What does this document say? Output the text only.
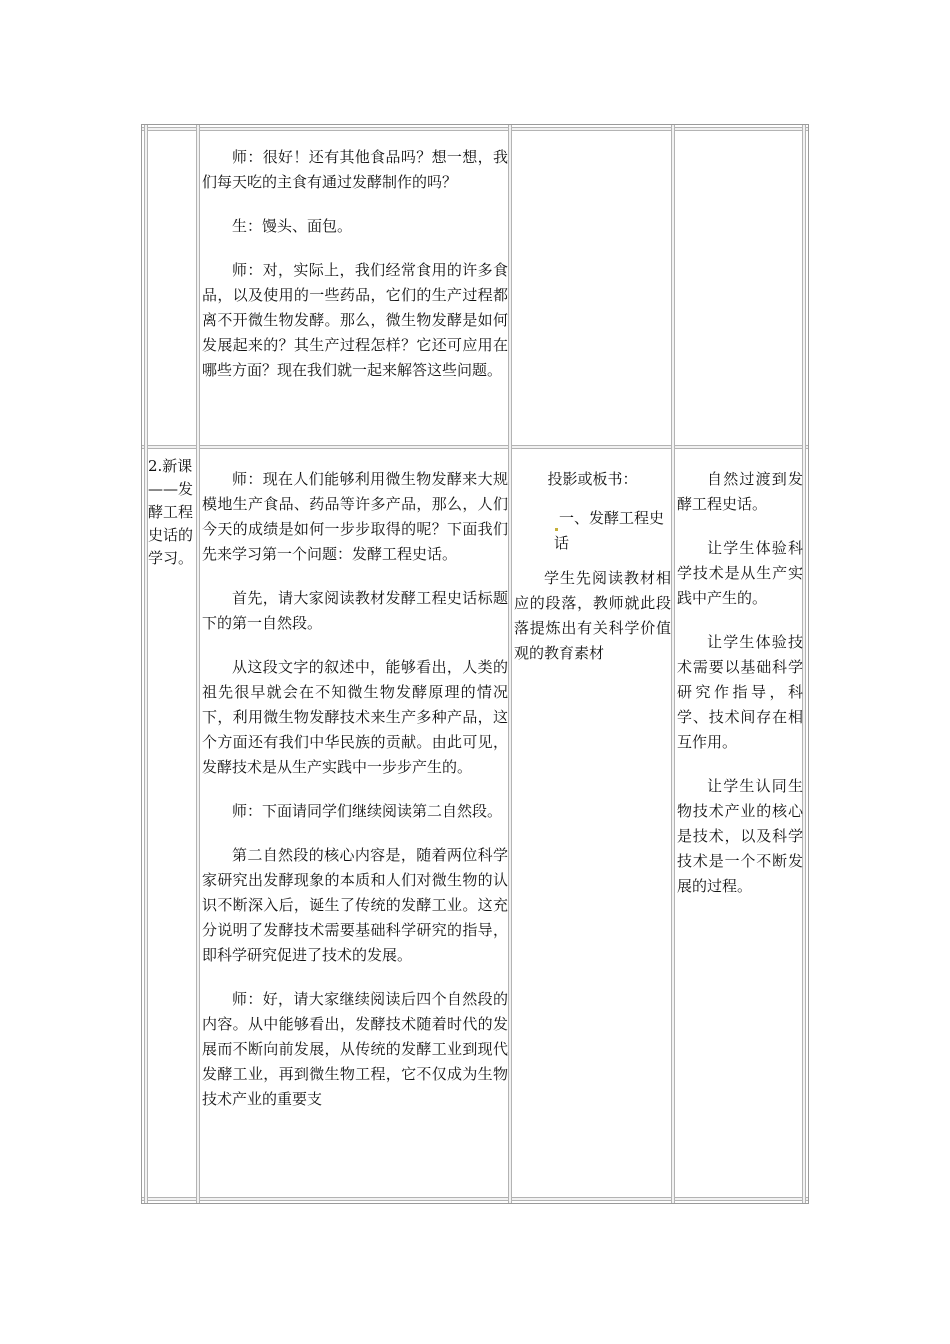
师：很好！还有其他食品吗？想一想，我们每天吃的主食有通过发酵制作的吗？

生：馒头、面包。

师：对，实际上，我们经常食用的许多食品，以及使用的一些药品，它们的生产过程都离不开微生物发酵。那么，微生物发酵是如何发展起来的？其生产过程怎样？它还可应用在哪些方面？现在我们就一起来解答这些问题。

2.新课——发酵工程史话的学习。

师：现在人们能够利用微生物发酵来大规模地生产食品、药品等许多产品，那么，人们今天的成绩是如何一步步取得的呢？下面我们先来学习第一个问题：发酵工程史话。

首先，请大家阅读教材发酵工程史话标题下的第一自然段。

从这段文字的叙述中，能够看出，人类的祖先很早就会在不知微生物发酵原理的情况下，利用微生物发酵技术来生产多种产品，这个方面还有我们中华民族的贡献。由此可见，发酵技术是从生产实践中一步步产生的。

师：下面请同学们继续阅读第二自然段。

第二自然段的核心内容是，随着两位科学家研究出发酵现象的本质和人们对微生物的认识不断深入后，诞生了传统的发酵工业。这充分说明了发酵技术需要基础科学研究的指导，即科学研究促进了技术的发展。

师：好，请大家继续阅读后四个自然段的内容。从中能够看出，发酵技术随着时代的发展而不断向前发展，从传统的发酵工业到现代发酵工业，再到微生物工程，它不仅成为生物技术产业的重要支

投影或板书：

一、发酵工程史话

学生先阅读教材相应的段落，教师就此段落提炼出有关科学价值观的教育素材

自然过渡到发酵工程史话。

让学生体验科学技术是从生产实践中产生的。

让学生体验技术需要以基础科学研究作指导，科学、技术间存在相互作用。

让学生认同生物技术产业的核心是技术，以及科学技术是一个不断发展的过程。
